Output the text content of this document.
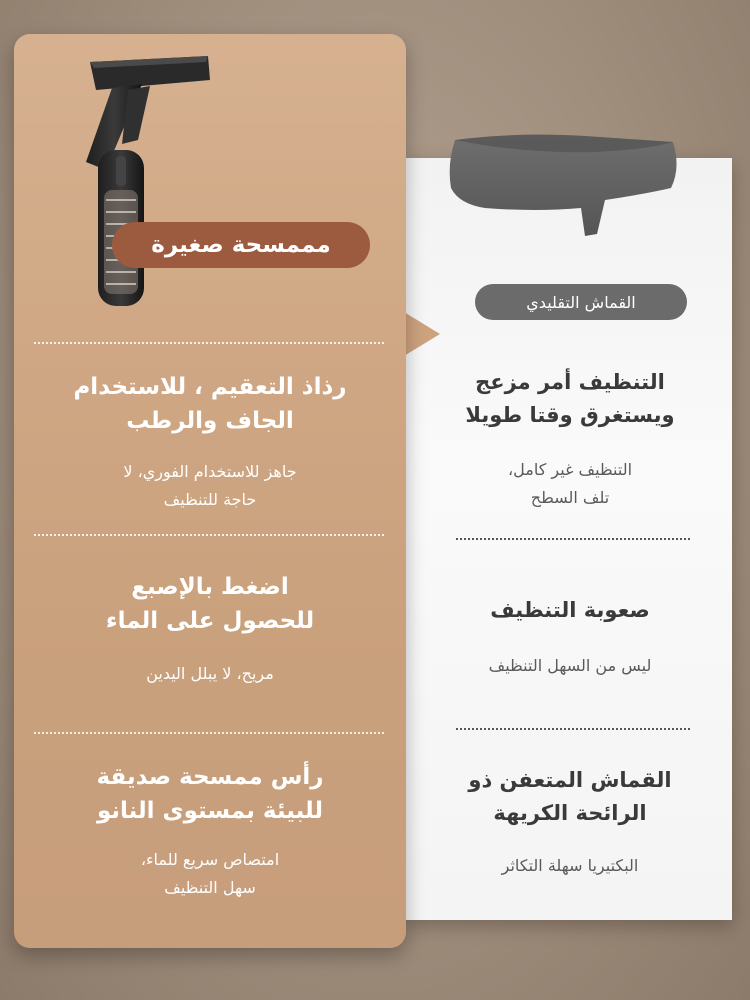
مممسحة صغيرة
رذاذ التعقيم ، للاستخدام
الجاف والرطب
جاهز للاستخدام الفوري، لا
حاجة للتنظيف
اضغط بالإصبع
للحصول على الماء
مريح، لا يبلل اليدين
رأس ممسحة صديقة
للبيئة بمستوى النانو
امتصاص سريع للماء،
سهل التنظيف
القماش التقليدي
التنظيف أمر مزعج
ويستغرق وقتا طويلا
التنظيف غير كامل،
تلف السطح
صعوبة التنظيف
ليس من السهل التنظيف
القماش المتعفن ذو
الرائحة الكريهة
البكتيريا سهلة التكاثر
